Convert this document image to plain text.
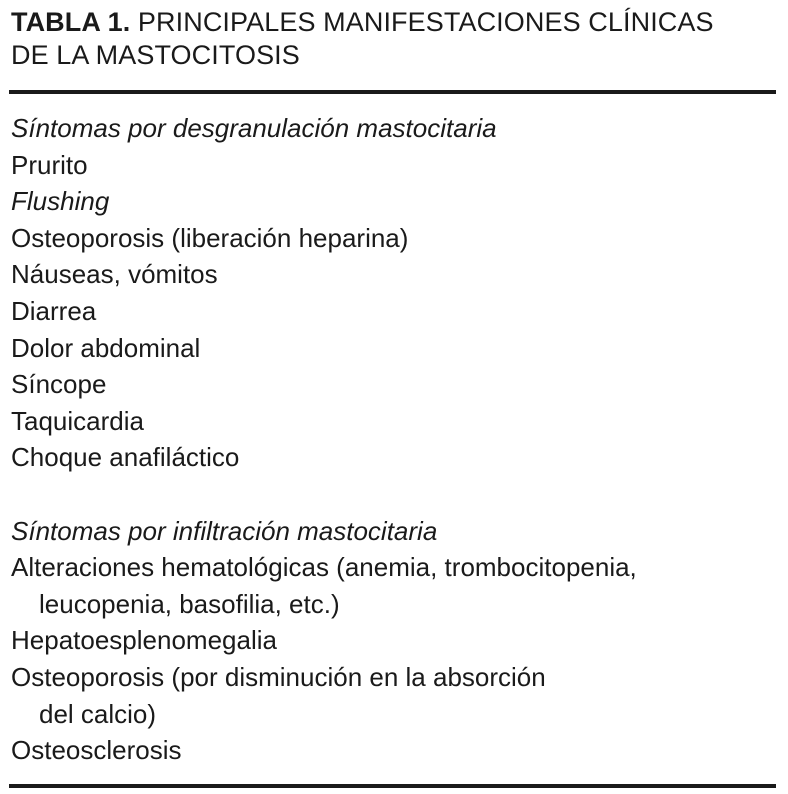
TABLA 1. PRINCIPALES MANIFESTACIONES CLÍNICAS
DE LA MASTOCITOSIS
Síntomas por desgranulación mastocitaria
Prurito
Flushing
Osteoporosis (liberación heparina)
Náuseas, vómitos
Diarrea
Dolor abdominal
Síncope
Taquicardia
Choque anafiláctico
Síntomas por infiltración mastocitaria
Alteraciones hematológicas (anemia, trombocitopenia,
leucopenia, basofilia, etc.)
Hepatoesplenomegalia
Osteoporosis (por disminución en la absorción
del calcio)
Osteosclerosis
